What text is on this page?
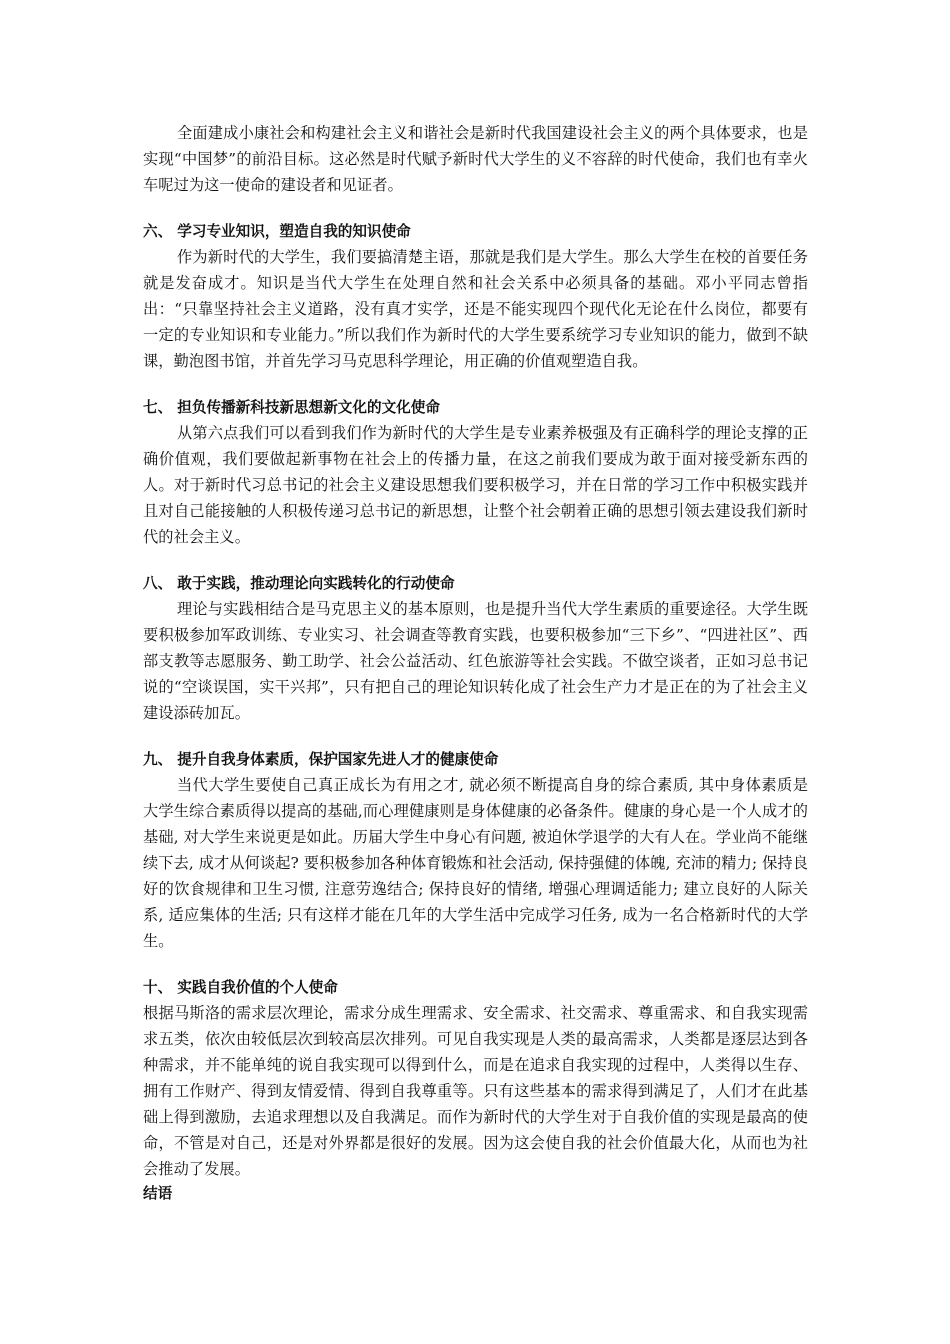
全面建成小康社会和构建社会主义和谐社会是新时代我国建设社会主义的两个具体要求，也是实现“中国梦”的前沿目标。这必然是时代赋予新时代大学生的义不容辞的时代使命，我们也有幸火车呢过为这一使命的建设者和见证者。

六、 学习专业知识，塑造自我的知识使命

作为新时代的大学生，我们要搞清楚主语，那就是我们是大学生。那么大学生在校的首要任务就是发奋成才。知识是当代大学生在处理自然和社会关系中必须具备的基础。邓小平同志曾指出：“只靠坚持社会主义道路，没有真才实学，还是不能实现四个现代化无论在什么岗位，都要有一定的专业知识和专业能力。”所以我们作为新时代的大学生要系统学习专业知识的能力，做到不缺课，勤泡图书馆，并首先学习马克思科学理论，用正确的价值观塑造自我。

七、 担负传播新科技新思想新文化的文化使命

从第六点我们可以看到我们作为新时代的大学生是专业素养极强及有正确科学的理论支撑的正确价值观，我们要做起新事物在社会上的传播力量，在这之前我们要成为敢于面对接受新东西的人。对于新时代习总书记的社会主义建设思想我们要积极学习，并在日常的学习工作中积极实践并且对自己能接触的人积极传递习总书记的新思想，让整个社会朝着正确的思想引领去建设我们新时代的社会主义。

八、 敢于实践，推动理论向实践转化的行动使命

理论与实践相结合是马克思主义的基本原则，也是提升当代大学生素质的重要途径。大学生既要积极参加军政训练、专业实习、社会调查等教育实践，也要积极参加“三下乡”、“四进社区”、西部支教等志愿服务、勤工助学、社会公益活动、红色旅游等社会实践。不做空谈者，正如习总书记说的“空谈误国，实干兴邦”，只有把自己的理论知识转化成了社会生产力才是正在的为了社会主义建设添砖加瓦。

九、 提升自我身体素质，保护国家先进人才的健康使命

当代大学生要使自己真正成长为有用之才, 就必须不断提高自身的综合素质, 其中身体素质是大学生综合素质得以提高的基础,而心理健康则是身体健康的必备条件。健康的身心是一个人成才的基础, 对大学生来说更是如此。历届大学生中身心有问题, 被迫休学退学的大有人在。学业尚不能继续下去, 成才从何谈起? 要积极参加各种体育锻炼和社会活动, 保持强健的体魄, 充沛的精力; 保持良好的饮食规律和卫生习惯, 注意劳逸结合; 保持良好的情绪, 增强心理调适能力; 建立良好的人际关系, 适应集体的生活; 只有这样才能在几年的大学生活中完成学习任务, 成为一名合格新时代的大学生。

十、 实践自我价值的个人使命

根据马斯洛的需求层次理论，需求分成生理需求、安全需求、社交需求、尊重需求、和自我实现需求五类，依次由较低层次到较高层次排列。可见自我实现是人类的最高需求，人类都是逐层达到各种需求，并不能单纯的说自我实现可以得到什么，而是在追求自我实现的过程中，人类得以生存、拥有工作财产、得到友情爱情、得到自我尊重等。只有这些基本的需求得到满足了，人们才在此基础上得到激励，去追求理想以及自我满足。而作为新时代的大学生对于自我价值的实现是最高的使命，不管是对自己，还是对外界都是很好的发展。因为这会使自我的社会价值最大化，从而也为社会推动了发展。

结语
